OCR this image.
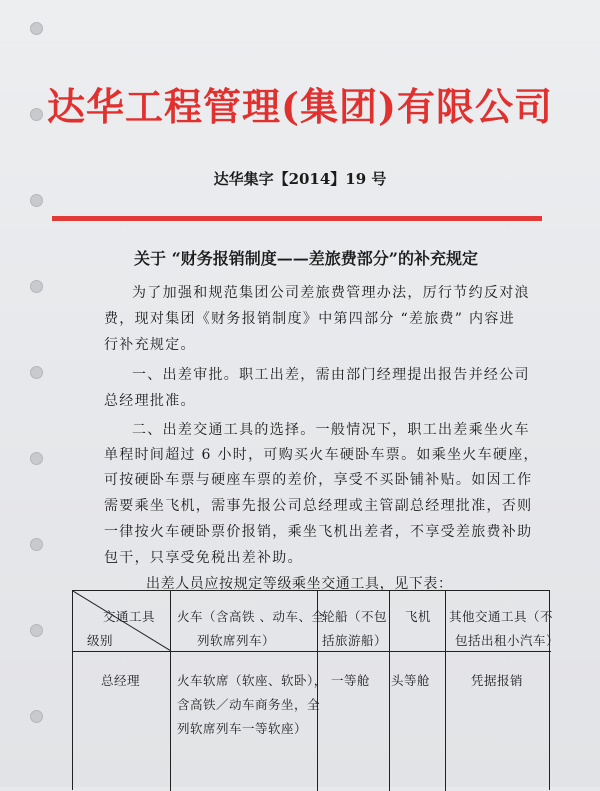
达华工程管理(集团)有限公司
达华集字【2014】19 号
关于 “财务报销制度——差旅费部分”的补充规定
为了加强和规范集团公司差旅费管理办法，厉行节约反对浪
费，现对集团《财务报销制度》中第四部分 “差旅费” 内容进
行补充规定。
一、出差审批。职工出差，需由部门经理提出报告并经公司
总经理批准。
二、出差交通工具的选择。一般情况下，职工出差乘坐火车
单程时间超过 6 小时，可购买火车硬卧车票。如乘坐火车硬座，
可按硬卧车票与硬座车票的差价，享受不买卧铺补贴。如因工作
需要乘坐飞机，需事先报公司总经理或主管副总经理批准，否则
一律按火车硬卧票价报销，乘坐飞机出差者，不享受差旅费补助
包干，只享受免税出差补助。
出差人员应按规定等级乘坐交通工具，见下表：
交通工具
级别
火车（含高铁 、动车、全
列软席列车）
轮船（不包
括旅游船）
飞机 其他交通工具（不
包括出租小汽车）
总经理	火车软席（软座、软卧），
含高铁／动车商务坐，全
列软席列车一等软座）
一等舱 头等舱	凭据报销
